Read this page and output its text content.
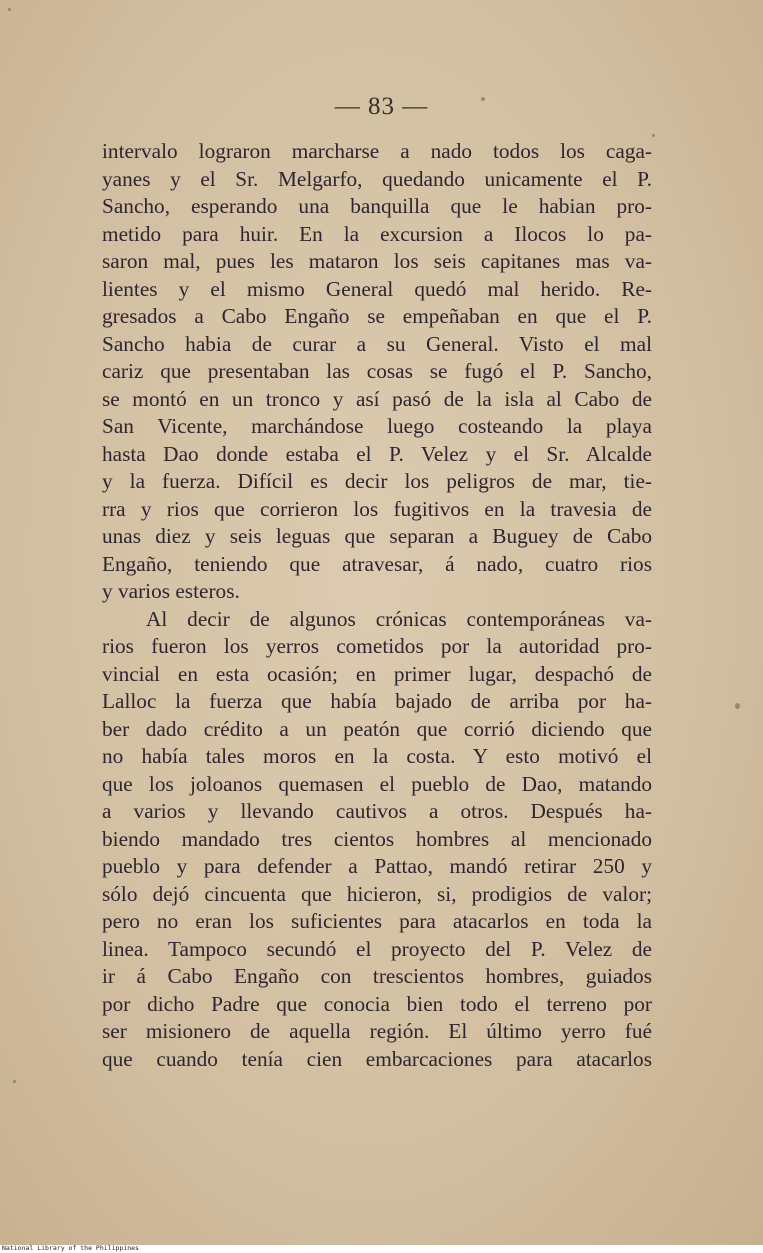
— 83 —
intervalo lograron marcharse a nado todos los caga-
yanes y el Sr. Melgarfo, quedando unicamente el P.
Sancho, esperando una banquilla que le habian pro-
metido para huir. En la excursion a Ilocos lo pa-
saron mal, pues les mataron los seis capitanes mas va-
lientes y el mismo General quedó mal herido. Re-
gresados a Cabo Engaño se empeñaban en que el P.
Sancho habia de curar a su General. Visto el mal
cariz que presentaban las cosas se fugó el P. Sancho,
se montó en un tronco y así pasó de la isla al Cabo de
San Vicente, marchándose luego costeando la playa
hasta Dao donde estaba el P. Velez y el Sr. Alcalde
y la fuerza. Difícil es decir los peligros de mar, tie-
rra y rios que corrieron los fugitivos en la travesia de
unas diez y seis leguas que separan a Buguey de Cabo
Engaño, teniendo que atravesar, á nado, cuatro rios
y varios esteros.
Al decir de algunos crónicas contemporáneas va-
rios fueron los yerros cometidos por la autoridad pro-
vincial en esta ocasión; en primer lugar, despachó de
Lalloc la fuerza que había bajado de arriba por ha-
ber dado crédito a un peatón que corrió diciendo que
no había tales moros en la costa. Y esto motivó el
que los joloanos quemasen el pueblo de Dao, matando
a varios y llevando cautivos a otros. Después ha-
biendo mandado tres cientos hombres al mencionado
pueblo y para defender a Pattao, mandó retirar 250 y
sólo dejó cincuenta que hicieron, si, prodigios de valor;
pero no eran los suficientes para atacarlos en toda la
linea. Tampoco secundó el proyecto del P. Velez de
ir á Cabo Engaño con trescientos hombres, guiados
por dicho Padre que conocia bien todo el terreno por
ser misionero de aquella región. El último yerro fué
que cuando tenía cien embarcaciones para atacarlos
National Library of the Philippines
